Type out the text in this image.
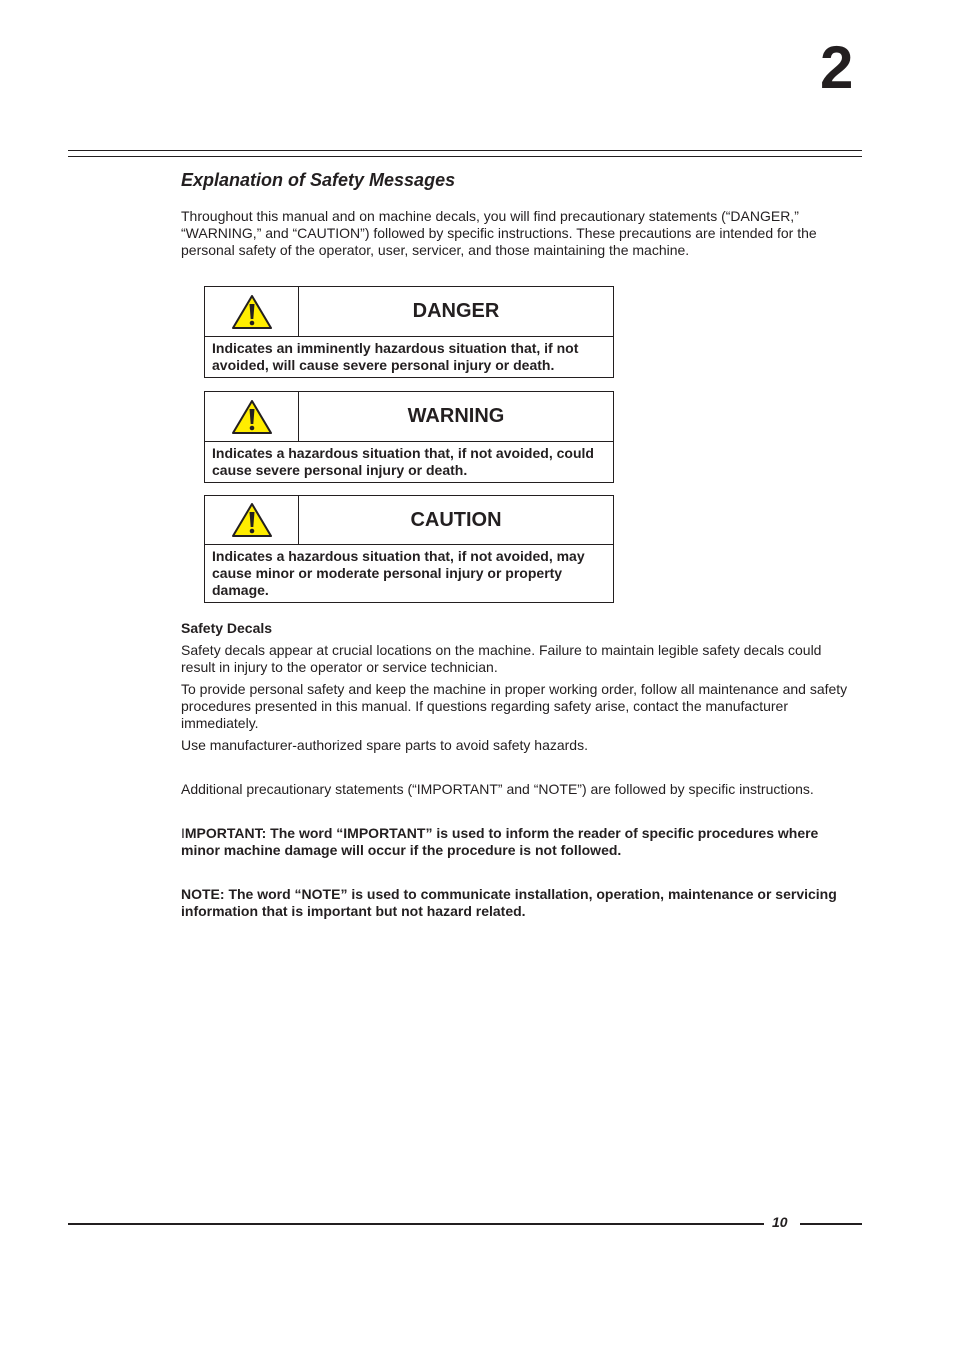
2
Explanation of Safety Messages

Throughout this manual and on machine decals, you will find precautionary statements (“DANGER,” “WARNING,” and “CAUTION”) followed by specific instructions. These precautions are intended for the personal safety of the operator, user, servicer, and those maintaining the machine.

DANGER
Indicates an imminently hazardous situation that, if not avoided, will cause severe personal injury or death.
WARNING
Indicates a hazardous situation that, if not avoided, could cause severe personal injury or death.
CAUTION
Indicates a hazardous situation that, if not avoided, may cause minor or moderate personal injury or property damage.
Safety Decals

Safety decals appear at crucial locations on the machine. Failure to maintain legible safety decals could result in injury to the operator or service technician.

To provide personal safety and keep the machine in proper working order, follow all maintenance and safety procedures presented in this manual. If questions regarding safety arise, contact the manufacturer immediately.

Use manufacturer-authorized spare parts to avoid safety hazards.

Additional precautionary statements (“IMPORTANT” and “NOTE”) are followed by specific instructions.

IMPORTANT: The word “IMPORTANT” is used to inform the reader of specific procedures where minor machine damage will occur if the procedure is not followed.

NOTE: The word “NOTE” is used to communicate installation, operation, maintenance or servicing information that is important but not hazard related.

10
